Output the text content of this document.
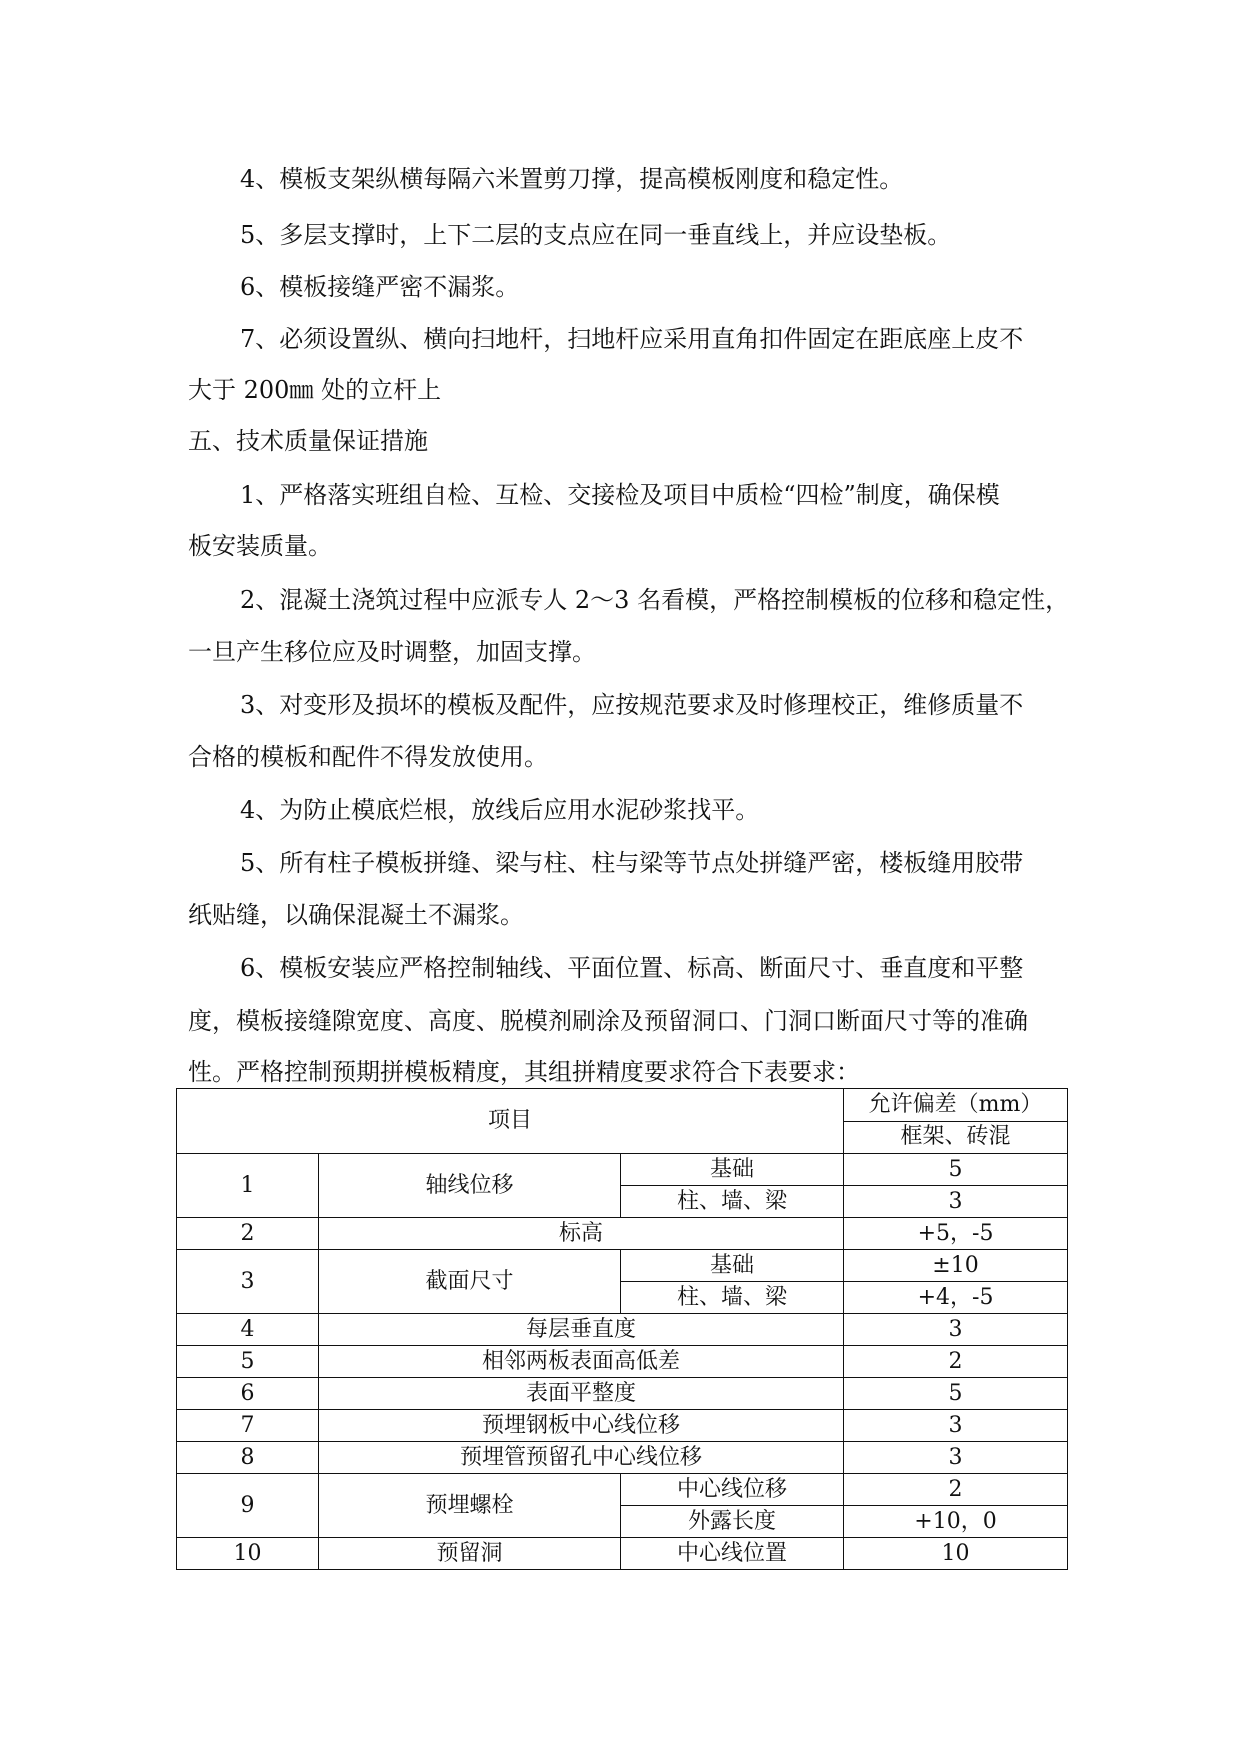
4、模板支架纵横每隔六米置剪刀撑，提高模板刚度和稳定性。
5、多层支撑时，上下二层的支点应在同一垂直线上，并应设垫板。
6、模板接缝严密不漏浆。
7、必须设置纵、横向扫地杆，扫地杆应采用直角扣件固定在距底座上皮不
大于 200㎜ 处的立杆上
五、技术质量保证措施
1、严格落实班组自检、互检、交接检及项目中质检“四检”制度，确保模
板安装质量。
2、混凝土浇筑过程中应派专人 2～3 名看模，严格控制模板的位移和稳定性，
一旦产生移位应及时调整，加固支撑。
3、对变形及损坏的模板及配件，应按规范要求及时修理校正，维修质量不
合格的模板和配件不得发放使用。
4、为防止模底烂根，放线后应用水泥砂浆找平。
5、所有柱子模板拼缝、梁与柱、柱与梁等节点处拼缝严密，楼板缝用胶带
纸贴缝，以确保混凝土不漏浆。
6、模板安装应严格控制轴线、平面位置、标高、断面尺寸、垂直度和平整
度，模板接缝隙宽度、高度、脱模剂刷涂及预留洞口、门洞口断面尺寸等的准确
性。严格控制预期拼模板精度，其组拼精度要求符合下表要求：
项目			允许偏差（mm）
			框架、砖混
1	轴线位移	基础	5
		柱、墙、梁	3
2	标高		+5，-5
3	截面尺寸	基础	±10
		柱、墙、梁	+4，-5
4	每层垂直度		3
5	相邻两板表面高低差		2
6	表面平整度		5
7	预埋钢板中心线位移		3
8	预埋管预留孔中心线位移		3
9	预埋螺栓	中心线位移	2
		外露长度	+10，0
10	预留洞	中心线位置	10
